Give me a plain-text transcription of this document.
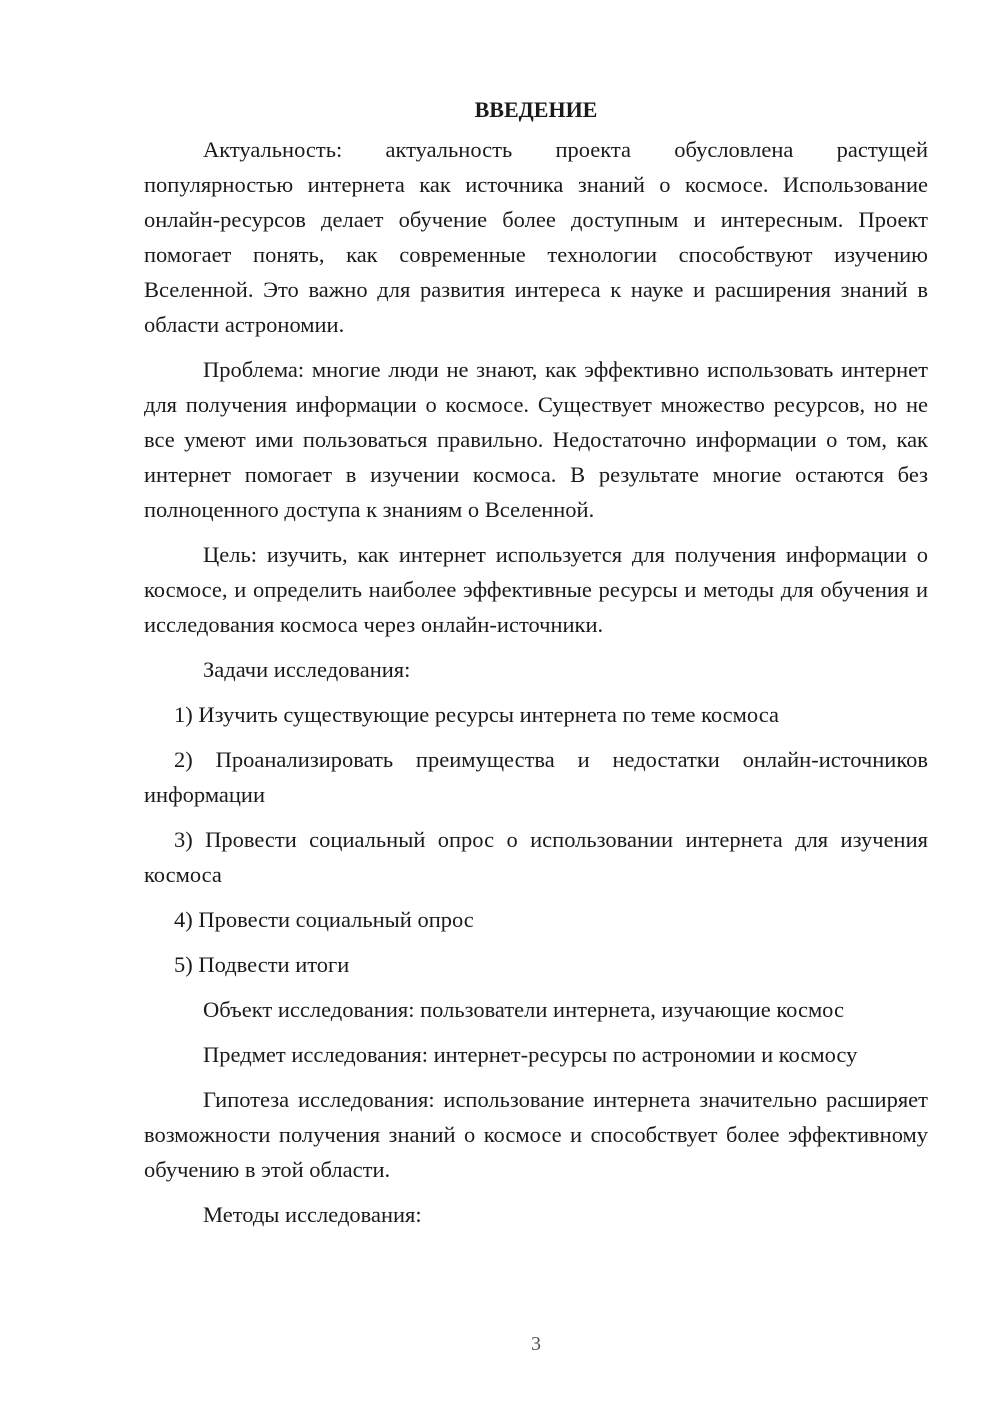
ВВЕДЕНИЕ

Актуальность: актуальность проекта обусловлена растущей популярностью интернета как источника знаний о космосе. Использование онлайн-ресурсов делает обучение более доступным и интересным. Проект помогает понять, как современные технологии способствуют изучению Вселенной. Это важно для развития интереса к науке и расширения знаний в области астрономии.

Проблема: многие люди не знают, как эффективно использовать интернет для получения информации о космосе. Существует множество ресурсов, но не все умеют ими пользоваться правильно. Недостаточно информации о том, как интернет помогает в изучении космоса. В результате многие остаются без полноценного доступа к знаниям о Вселенной.

Цель: изучить, как интернет используется для получения информации о космосе, и определить наиболее эффективные ресурсы и методы для обучения и исследования космоса через онлайн-источники.

Задачи исследования:

1) Изучить существующие ресурсы интернета по теме космоса

2) Проанализировать преимущества и недостатки онлайн-источников информации

3) Провести социальный опрос о использовании интернета для изучения космоса

4) Провести социальный опрос

5) Подвести итоги

Объект исследования: пользователи интернета, изучающие космос

Предмет исследования: интернет-ресурсы по астрономии и космосу

Гипотеза исследования: использование интернета значительно расширяет возможности получения знаний о космосе и способствует более эффективному обучению в этой области.

Методы исследования:

3
